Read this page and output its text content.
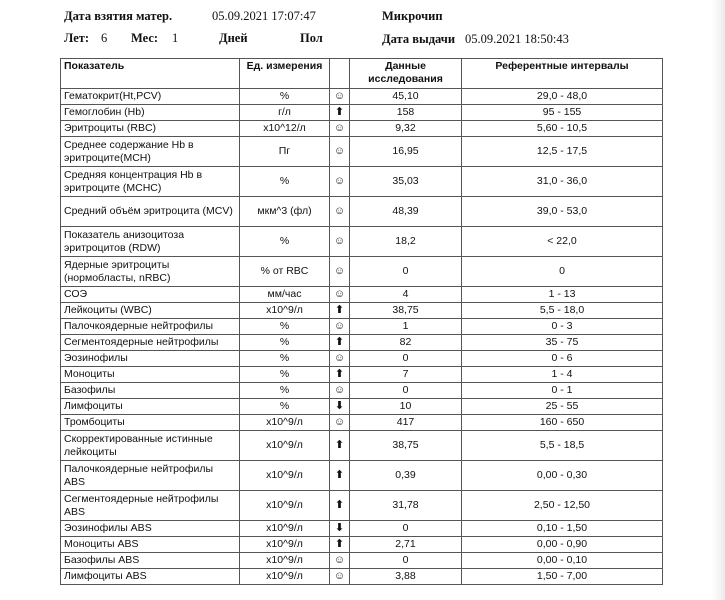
Дата взятия матер.	05.09.2021 17:07:47	Микрочип
Лет: 6 Мес: 1	Дней	Пол	Дата выдачи 05.09.2021 18:50:43
Показатель	Ед. измерения		Данные исследования	Референтные интервалы
Гематокрит(Ht,PCV)	%	☺	45,10	29,0 - 48,0
Гемоглобин (Hb)	г/л	⬆	158	95 - 155
Эритроциты (RBC)	x10^12/л	☺	9,32	5,60 - 10,5
Среднее содержание Hb в эритроците(MCH)	Пг	☺	16,95	12,5 - 17,5
Средняя концентрация Hb в эритроците (MCHC)	%	☺	35,03	31,0 - 36,0
Средний объём эритроцита (MCV)	мкм^3 (фл)	☺	48,39	39,0 - 53,0
Показатель анизоцитоза эритроцитов (RDW)	%	☺	18,2	< 22,0
Ядерные эритроциты (нормобласты, nRBC)	% от RBC	☺	0	0
СОЭ	мм/час	☺	4	1 - 13
Лейкоциты (WBC)	x10^9/л	⬆	38,75	5,5 - 18,0
Палочкоядерные нейтрофилы	%	☺	1	0 - 3
Сегментоядерные нейтрофилы	%	⬆	82	35 - 75
Эозинофилы	%	☺	0	0 - 6
Моноциты	%	⬆	7	1 - 4
Базофилы	%	☺	0	0 - 1
Лимфоциты	%	⬇	10	25 - 55
Тромбоциты	x10^9/л	☺	417	160 - 650
Скорректированные истинные лейкоциты	x10^9/л	⬆	38,75	5,5 - 18,5
Палочкоядерные нейтрофилы ABS	x10^9/л	⬆	0,39	0,00 - 0,30
Сегментоядерные нейтрофилы ABS	x10^9/л	⬆	31,78	2,50 - 12,50
Эозинофилы ABS	x10^9/л	⬇	0	0,10 - 1,50
Моноциты ABS	x10^9/л	⬆	2,71	0,00 - 0,90
Базофилы ABS	x10^9/л	☺	0	0,00 - 0,10
Лимфоциты ABS	x10^9/л	☺	3,88	1,50 - 7,00
